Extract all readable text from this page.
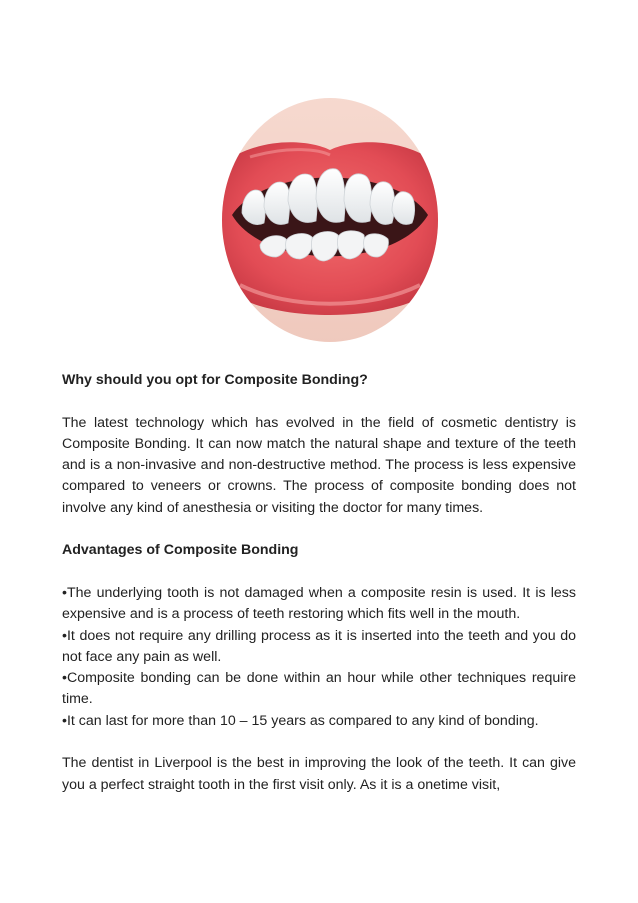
Why should you opt for Composite Bonding?

The latest technology which has evolved in the field of cosmetic dentistry is Composite Bonding. It can now match the natural shape and texture of the teeth and is a non-invasive and non-destructive method. The process is less expensive compared to veneers or crowns. The process of composite bonding does not involve any kind of anesthesia or visiting the doctor for many times.

Advantages of Composite Bonding

•The underlying tooth is not damaged when a composite resin is used. It is less expensive and is a process of teeth restoring which fits well in the mouth.

•It does not require any drilling process as it is inserted into the teeth and you do not face any pain as well.

•Composite bonding can be done within an hour while other techniques require time.

•It can last for more than 10 – 15 years as compared to any kind of bonding.

The dentist in Liverpool is the best in improving the look of the teeth. It can give you a perfect straight tooth in the first visit only. As it is a onetime visit,
